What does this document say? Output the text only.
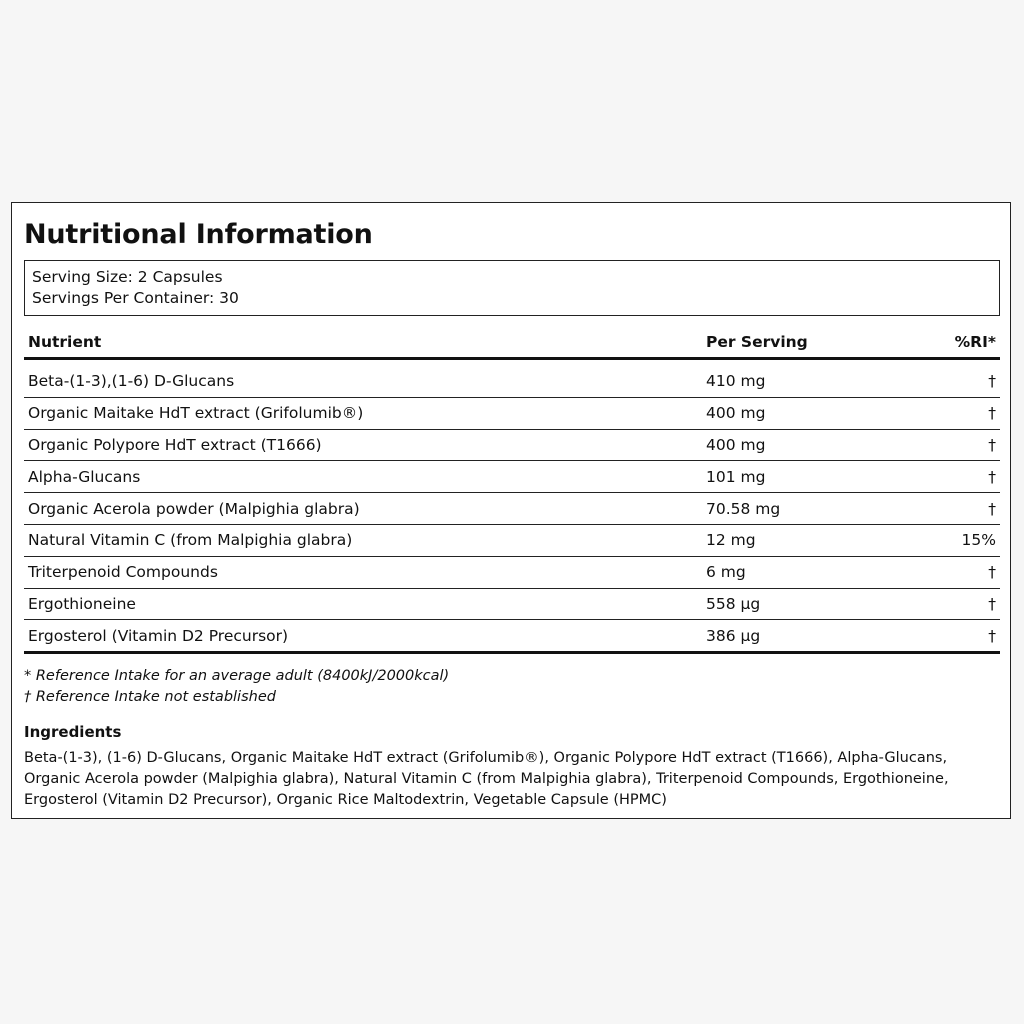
Nutritional Information
Serving Size: 2 Capsules
Servings Per Container: 30
Nutrient	Per Serving	%RI*
Beta-(1-3),(1-6) D-Glucans	410 mg	†
Organic Maitake HdT extract (Grifolumib®)	400 mg	†
Organic Polypore HdT extract (T1666)	400 mg	†
Alpha-Glucans	101 mg	†
Organic Acerola powder (Malpighia glabra)	70.58 mg	†
Natural Vitamin C (from Malpighia glabra)	12 mg	15%
Triterpenoid Compounds	6 mg	†
Ergothioneine	558 µg	†
Ergosterol (Vitamin D2 Precursor)	386 µg	†
* Reference Intake for an average adult (8400kJ/2000kcal)
† Reference Intake not established
Ingredients
Beta-(1-3), (1-6) D-Glucans, Organic Maitake HdT extract (Grifolumib®), Organic Polypore HdT extract (T1666), Alpha-Glucans, Organic Acerola powder (Malpighia glabra), Natural Vitamin C (from Malpighia glabra), Triterpenoid Compounds, Ergothioneine, Ergosterol (Vitamin D2 Precursor), Organic Rice Maltodextrin, Vegetable Capsule (HPMC)
